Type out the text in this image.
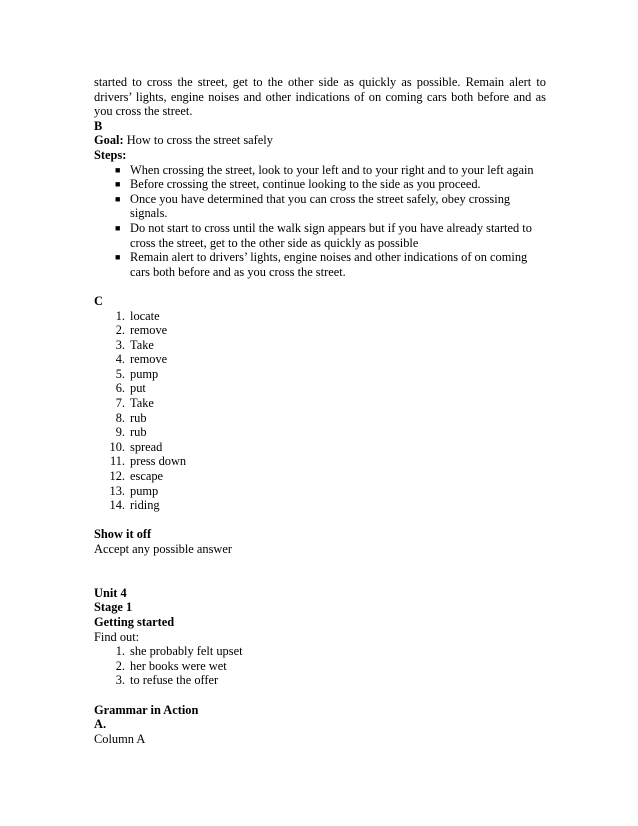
started to cross the street, get to the other side as quickly as possible. Remain alert to drivers’ lights, engine noises and other indications of on coming cars both before and as you cross the street.

B

Goal: How to cross the street safely

Steps:

■ When crossing the street, look to your left and to your right and to your left again
■ Before crossing the street, continue looking to the side as you proceed.
■ Once you have determined that you can cross the street safely, obey crossing signals.
■ Do not start to cross until the walk sign appears but if you have already started to cross the street, get to the other side as quickly as possible
■ Remain alert to drivers’ lights, engine noises and other indications of on coming cars both before and as you cross the street.

C

1. locate
2. remove
3. Take
4. remove
5. pump
6. put
7. Take
8. rub
9. rub
10. spread
11. press down
12. escape
13. pump
14. riding

Show it off

Accept any possible answer

Unit 4

Stage 1

Getting started

Find out:

1. she probably felt upset
2. her books were wet
3. to refuse the offer

Grammar in Action

A.

Column A
